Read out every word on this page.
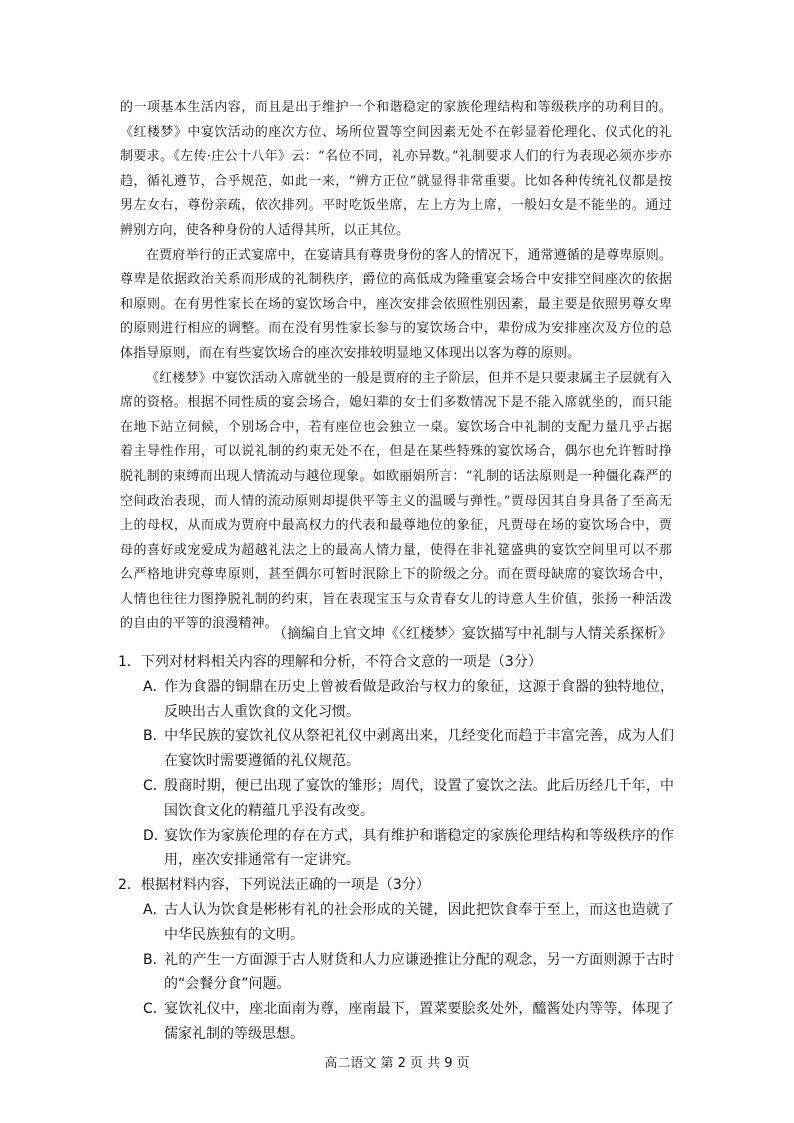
的一项基本生活内容，而且是出于维护一个和谐稳定的家族伦理结构和等级秩序的功利目的。《红楼梦》中宴饮活动的座次方位、场所位置等空间因素无处不在彰显着伦理化、仪式化的礼制要求。《左传·庄公十八年》云：“名位不同，礼亦异数。”礼制要求人们的行为表现必须亦步亦趋，循礼遵节，合乎规范，如此一来，“辨方正位”就显得非常重要。比如各种传统礼仪都是按男左女右，尊份亲疏，依次排列。平时吃饭坐席，左上方为上席，一般妇女是不能坐的。通过辨别方向，使各种身份的人适得其所，以正其位。

在贾府举行的正式宴席中，在宴请具有尊贵身份的客人的情况下，通常遵循的是尊卑原则。尊卑是依据政治关系而形成的礼制秩序，爵位的高低成为隆重宴会场合中安排空间座次的依据和原则。在有男性家长在场的宴饮场合中，座次安排会依照性别因素，最主要是依照男尊女卑的原则进行相应的调整。而在没有男性家长参与的宴饮场合中，辈份成为安排座次及方位的总体指导原则，而在有些宴饮场合的座次安排较明显地又体现出以客为尊的原则。

《红楼梦》中宴饮活动入席就坐的一般是贾府的主子阶层，但并不是只要隶属主子层就有入席的资格。根据不同性质的宴会场合，媳妇辈的女士们多数情况下是不能入席就坐的，而只能在地下站立伺候，个别场合中，若有座位也会独立一桌。宴饮场合中礼制的支配力量几乎占据着主导性作用，可以说礼制的约束无处不在，但是在某些特殊的宴饮场合，偶尔也允许暂时挣脱礼制的束缚而出现人情流动与越位现象。如欧丽娟所言：“礼制的话法原则是一种僵化森严的空间政治表现，而人情的流动原则却提供平等主义的温暖与弹性。”贾母因其自身具备了至高无上的母权，从而成为贾府中最高权力的代表和最尊地位的象征，凡贾母在场的宴饮场合中，贾母的喜好或宠爱成为超越礼法之上的最高人情力量，使得在非礼筵盛典的宴饮空间里可以不那么严格地讲究尊卑原则，甚至偶尔可暂时泯除上下的阶级之分。而在贾母缺席的宴饮场合中，人情也往往力图挣脱礼制的约束，旨在表现宝玉与众青春女儿的诗意人生价值，张扬一种活泼的自由的平等的浪漫精神。

（摘编自上官文坤《〈红楼梦〉宴饮描写中礼制与人情关系探析》

1．下列对材料相关内容的理解和分析，不符合文意的一项是（3分）

A．作为食器的铜鼎在历史上曾被看做是政治与权力的象征，这源于食器的独特地位，反映出古人重饮食的文化习惯。

B．中华民族的宴饮礼仪从祭祀礼仪中剥离出来，几经变化而趋于丰富完善，成为人们在宴饮时需要遵循的礼仪规范。

C．殷商时期，便已出现了宴饮的雏形；周代，设置了宴饮之法。此后历经几千年，中国饮食文化的精蕴几乎没有改变。

D．宴饮作为家族伦理的存在方式，具有维护和谐稳定的家族伦理结构和等级秩序的作用，座次安排通常有一定讲究。

2．根据材料内容，下列说法正确的一项是（3分）

A．古人认为饮食是彬彬有礼的社会形成的关键，因此把饮食奉于至上，而这也造就了中华民族独有的文明。

B．礼的产生一方面源于古人财货和人力应谦逊推让分配的观念，另一方面则源于古时的“会餐分食”问题。

C．宴饮礼仪中，座北面南为尊，座南最下，置菜要脍炙处外，醯酱处内等等，体现了儒家礼制的等级思想。

高二语文 第 2 页 共 9 页
